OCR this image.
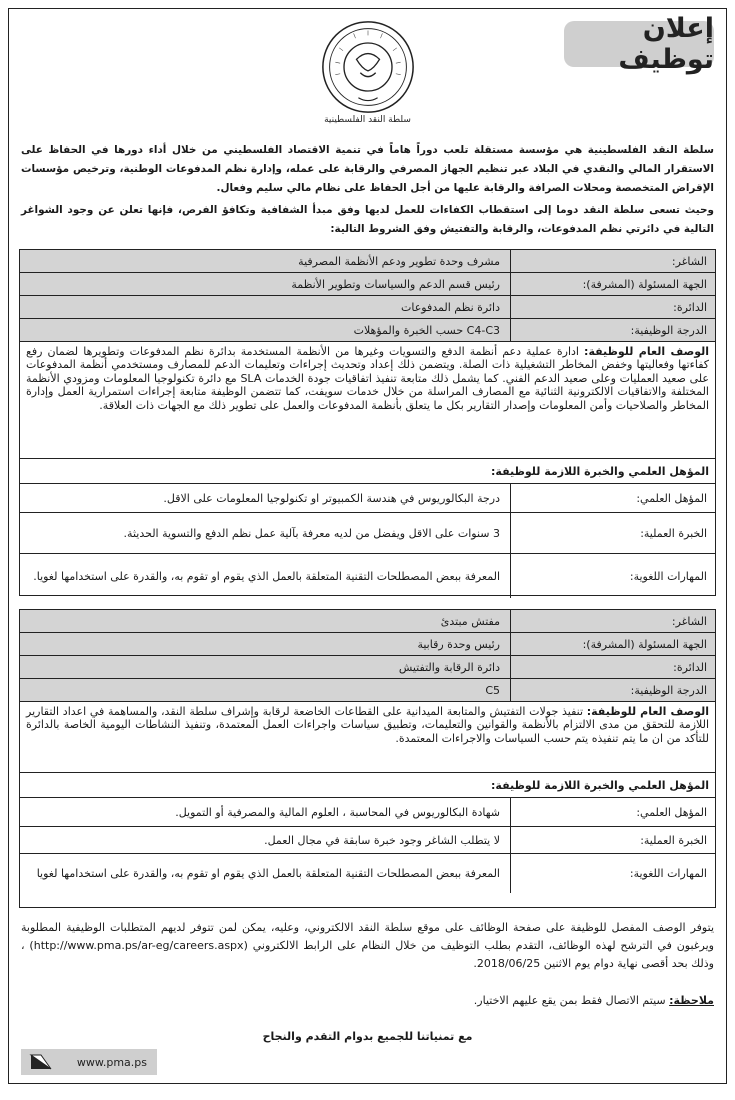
إعلان توظيف
سلطة النقد الفلسطينية

سلطة النقد الفلسطينية هي مؤسسة مستقلة تلعب دوراً هاماً في تنمية الاقتصاد الفلسطيني من خلال أداء دورها في الحفاظ على الاستقرار المالي والنقدي في البلاد عبر تنظيم الجهاز المصرفي والرقابة على عمله، وإدارة نظم المدفوعات الوطنية، وترخيص مؤسسات الإقراض المتخصصة ومحلات الصرافة والرقابة عليها من أجل الحفاظ على نظام مالي سليم وفعال.

وحيث تسعى سلطة النقد دوما إلى استقطاب الكفاءات للعمل لديها وفق مبدأ الشفافية وتكافؤ الفرص، فإنها تعلن عن وجود الشواغر التالية في دائرتي نظم المدفوعات، والرقابة والتفتيش وفق الشروط التالية:

الشاغر:
مشرف وحدة تطوير ودعم الأنظمة المصرفية
الجهة المسئولة (المشرفة):
رئيس قسم الدعم والسياسات وتطوير الأنظمة
الدائرة:
دائرة نظم المدفوعات
الدرجة الوظيفية:
C4-C3 حسب الخبرة والمؤهلات
الوصف العام للوظيفة: ادارة عملية دعم أنظمة الدفع والتسويات وغيرها من الأنظمة المستخدمة بدائرة نظم المدفوعات وتطويرها لضمان رفع كفاءتها وفعاليتها وخفض المخاطر التشغيلية ذات الصلة. ويتضمن ذلك إعداد وتحديث إجراءات وتعليمات الدعم للمصارف ومستخدمي أنظمة المدفوعات على صعيد العمليات وعلى صعيد الدعم الفني. كما يشمل ذلك متابعة تنفيذ اتفاقيات جودة الخدمات SLA مع دائرة تكنولوجيا المعلومات ومزودي الأنظمة المختلفة والاتفاقيات الالكترونية الثنائية مع المصارف المراسلة من خلال خدمات سويفت، كما تتضمن الوظيفة متابعة إجراءات استمرارية العمل وإدارة المخاطر والصلاحيات وأمن المعلومات وإصدار التقارير بكل ما يتعلق بأنظمة المدفوعات والعمل على تطوير ذلك مع الجهات ذات العلاقة.
المؤهل العلمي والخبرة اللازمة للوظيفة:
المؤهل العلمي:
درجة البكالوريوس في هندسة الكمبيوتر او تكنولوجيا المعلومات على الاقل.
الخبرة العملية:
3 سنوات على الاقل ويفضل من لديه معرفة بآلية عمل نظم الدفع والتسوية الحديثة.
المهارات اللغوية:
المعرفة ببعض المصطلحات التقنية المتعلقة بالعمل الذي يقوم او تقوم به، والقدرة على استخدامها لغويا.
الشاغر:
مفتش مبتدئ
الجهة المسئولة (المشرفة):
رئيس وحدة رقابية
الدائرة:
دائرة الرقابة والتفتيش
الدرجة الوظيفية:
C5
الوصف العام للوظيفة: تنفيذ جولات التفتيش والمتابعة الميدانية على القطاعات الخاضعة لرقابة وإشراف سلطة النقد، والمساهمة في اعداد التقارير اللازمة للتحقق من مدى الالتزام بالأنظمة والقوانين والتعليمات، وتطبيق سياسات واجراءات العمل المعتمدة، وتنفيذ النشاطات اليومية الخاصة بالدائرة للتأكد من ان ما يتم تنفيذه يتم حسب السياسات والاجراءات المعتمدة.
المؤهل العلمي والخبرة اللازمة للوظيفة:
المؤهل العلمي:
شهادة البكالوريوس في المحاسبة ، العلوم المالية والمصرفية أو التمويل.
الخبرة العملية:
لا يتطلب الشاغر وجود خبرة سابقة في مجال العمل.
المهارات اللغوية:
المعرفة ببعض المصطلحات التقنية المتعلقة بالعمل الذي يقوم او تقوم به، والقدرة على استخدامها لغويا
يتوفر الوصف المفصل للوظيفة على صفحة الوظائف على موقع سلطة النقد الالكتروني، وعليه، يمكن لمن تتوفر لديهم المتطلبات الوظيفية المطلوبة ويرغبون في الترشح لهذه الوظائف، التقدم بطلب التوظيف من خلال النظام على الرابط الالكتروني (http://www.pma.ps/ar-eg/careers.aspx) ، وذلك بحد أقصى نهاية دوام يوم الاثنين 2018/06/25.
ملاحظة: سيتم الاتصال فقط بمن يقع عليهم الاختيار.
مع تمنياتنا للجميع بدوام التقدم والنجاح
www.pma.ps
